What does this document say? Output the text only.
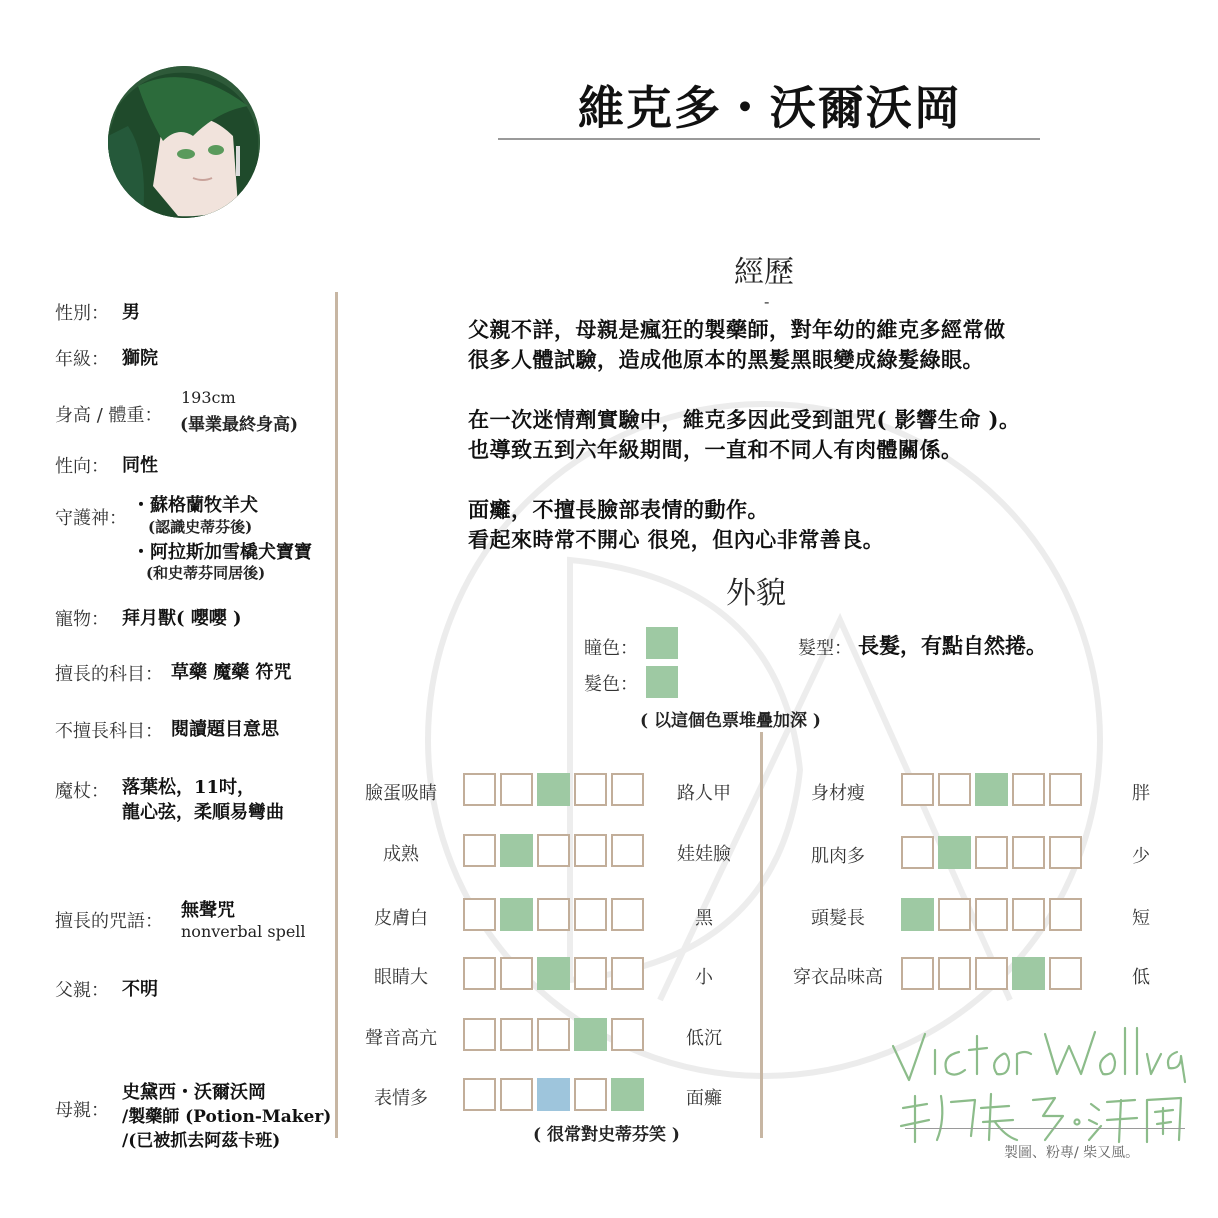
維克多・沃爾沃岡
性別： 男
年級： 獅院
身高 / 體重：
193cm
(畢業最終身高)
性向： 同性
守護神：
・蘇格蘭牧羊犬
(認識史蒂芬後)
・阿拉斯加雪橇犬寶寶
(和史蒂芬同居後)
寵物： 拜月獸( 嚶嚶 )
擅長的科目： 草藥 魔藥 符咒
不擅長科目： 閱讀題目意思
魔杖： 落葉松，11吋，
龍心弦，柔順易彎曲
擅長的咒語：
無聲咒
nonverbal spell
父親： 不明
母親：
史黛西・沃爾沃岡
/製藥師 (Potion-Maker)
/(已被抓去阿茲卡班)
經歷
-
父親不詳，母親是瘋狂的製藥師，對年幼的維克多經常做
很多人體試驗，造成他原本的黑髮黑眼變成綠髮綠眼。
在一次迷情劑實驗中，維克多因此受到詛咒( 影響生命 )。
也導致五到六年級期間，一直和不同人有肉體關係。
面癱，不擅長臉部表情的動作。
看起來時常不開心 很兇，但內心非常善良。
外貌
瞳色：
髮色：
髮型： 長髮，有點自然捲。
( 以這個色票堆疊加深 )
臉蛋吸睛	路人甲
成熟	娃娃臉
皮膚白	黑
眼睛大	小
聲音高亢	低沉
表情多	面癱
( 很常對史蒂芬笑 )
身材瘦	胖
肌肉多	少
頭髮長	短
穿衣品味高	低
製圖、粉專/ 柴又風。
